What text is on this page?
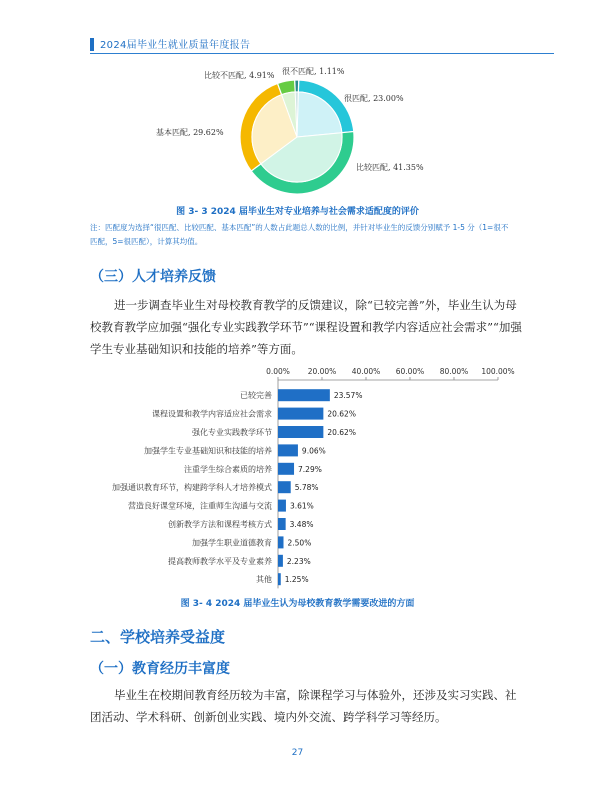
2024届毕业生就业质量年度报告
很匹配, 23.00%
比较匹配, 41.35%
基本匹配, 29.62%
比较不匹配, 4.91% 很不匹配, 1.11%
图 3- 3 2024 届毕业生对专业培养与社会需求适配度的评价
注：匹配度为选择“很匹配、比较匹配、基本匹配”的人数占此题总人数的比例，并针对毕业生的反馈分别赋予 1-5 分（1=很不匹配，5=很匹配），计算其均值。
（三）人才培养反馈
进一步调查毕业生对母校教育教学的反馈建议，除“已较完善”外，毕业生认为母校教育教学应加强“强化专业实践教学环节”“课程设置和教学内容适应社会需求”“加强学生专业基础知识和技能的培养”等方面。
0.00% 20.00% 40.00% 60.00% 80.00% 100.00%
已较完善	23.57%
课程设置和教学内容适应社会需求	20.62%
强化专业实践教学环节	20.62%
加强学生专业基础知识和技能的培养	9.06%
注重学生综合素质的培养	7.29%
加强通识教育环节，构建跨学科人才培养模式	5.78%
营造良好课堂环境，注重师生沟通与交流 3.61%
创新教学方法和课程考核方式 3.48%
加强学生职业道德教育 2.50%
提高教师教学水平及专业素养 2.23%
其他 1.25%
图 3- 4 2024 届毕业生认为母校教育教学需要改进的方面
二、学校培养受益度
（一）教育经历丰富度
毕业生在校期间教育经历较为丰富，除课程学习与体验外，还涉及实习实践、社团活动、学术科研、创新创业实践、境内外交流、跨学科学习等经历。
27
